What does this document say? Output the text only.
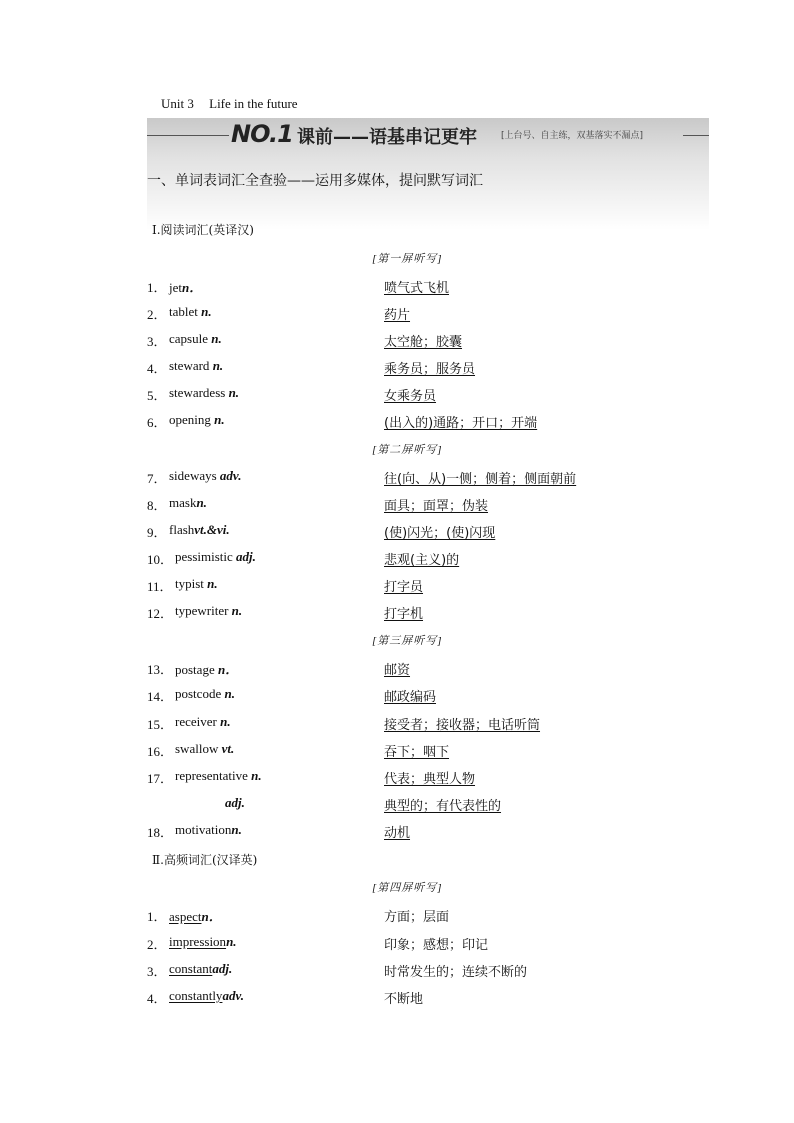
Unit 3 Life in the future
NO.1 课前——语基串记更牢	[上台号、自主练，双基落实不漏点]
一、单词表词汇全查验——运用多媒体，提问默写词汇
Ⅰ.阅读词汇(英译汉)
[第一屏听写]
1． jetn．	喷气式飞机
2． tablet n.	药片
3． capsule n.	太空舱；胶囊
4． steward n.	乘务员；服务员
5． stewardess n.	女乘务员
6． opening n.	(出入的)通路；开口；开端
[第二屏听写]
7． sideways adv.	往(向、从)一侧；侧着；侧面朝前
8． maskn.	面具；面罩；伪装
9． flashvt.&vi.	(使)闪光；(使)闪现
10． pessimistic adj.	悲观(主义)的
11． typist n.	打字员
12． typewriter n.	打字机
[第三屏听写]
13． postage n．	邮资
14． postcode n.	邮政编码
15． receiver n.	接受者；接收器；电话听筒
16． swallow vt.	吞下；咽下
17． representative n.	代表；典型人物
adj.	典型的；有代表性的
18． motivationn.	动机
Ⅱ.高频词汇(汉译英)
[第四屏听写]
1． aspectn．	方面；层面
2． impressionn.	印象；感想；印记
3． constantadj.	时常发生的；连续不断的
4． constantlyadv.	不断地
